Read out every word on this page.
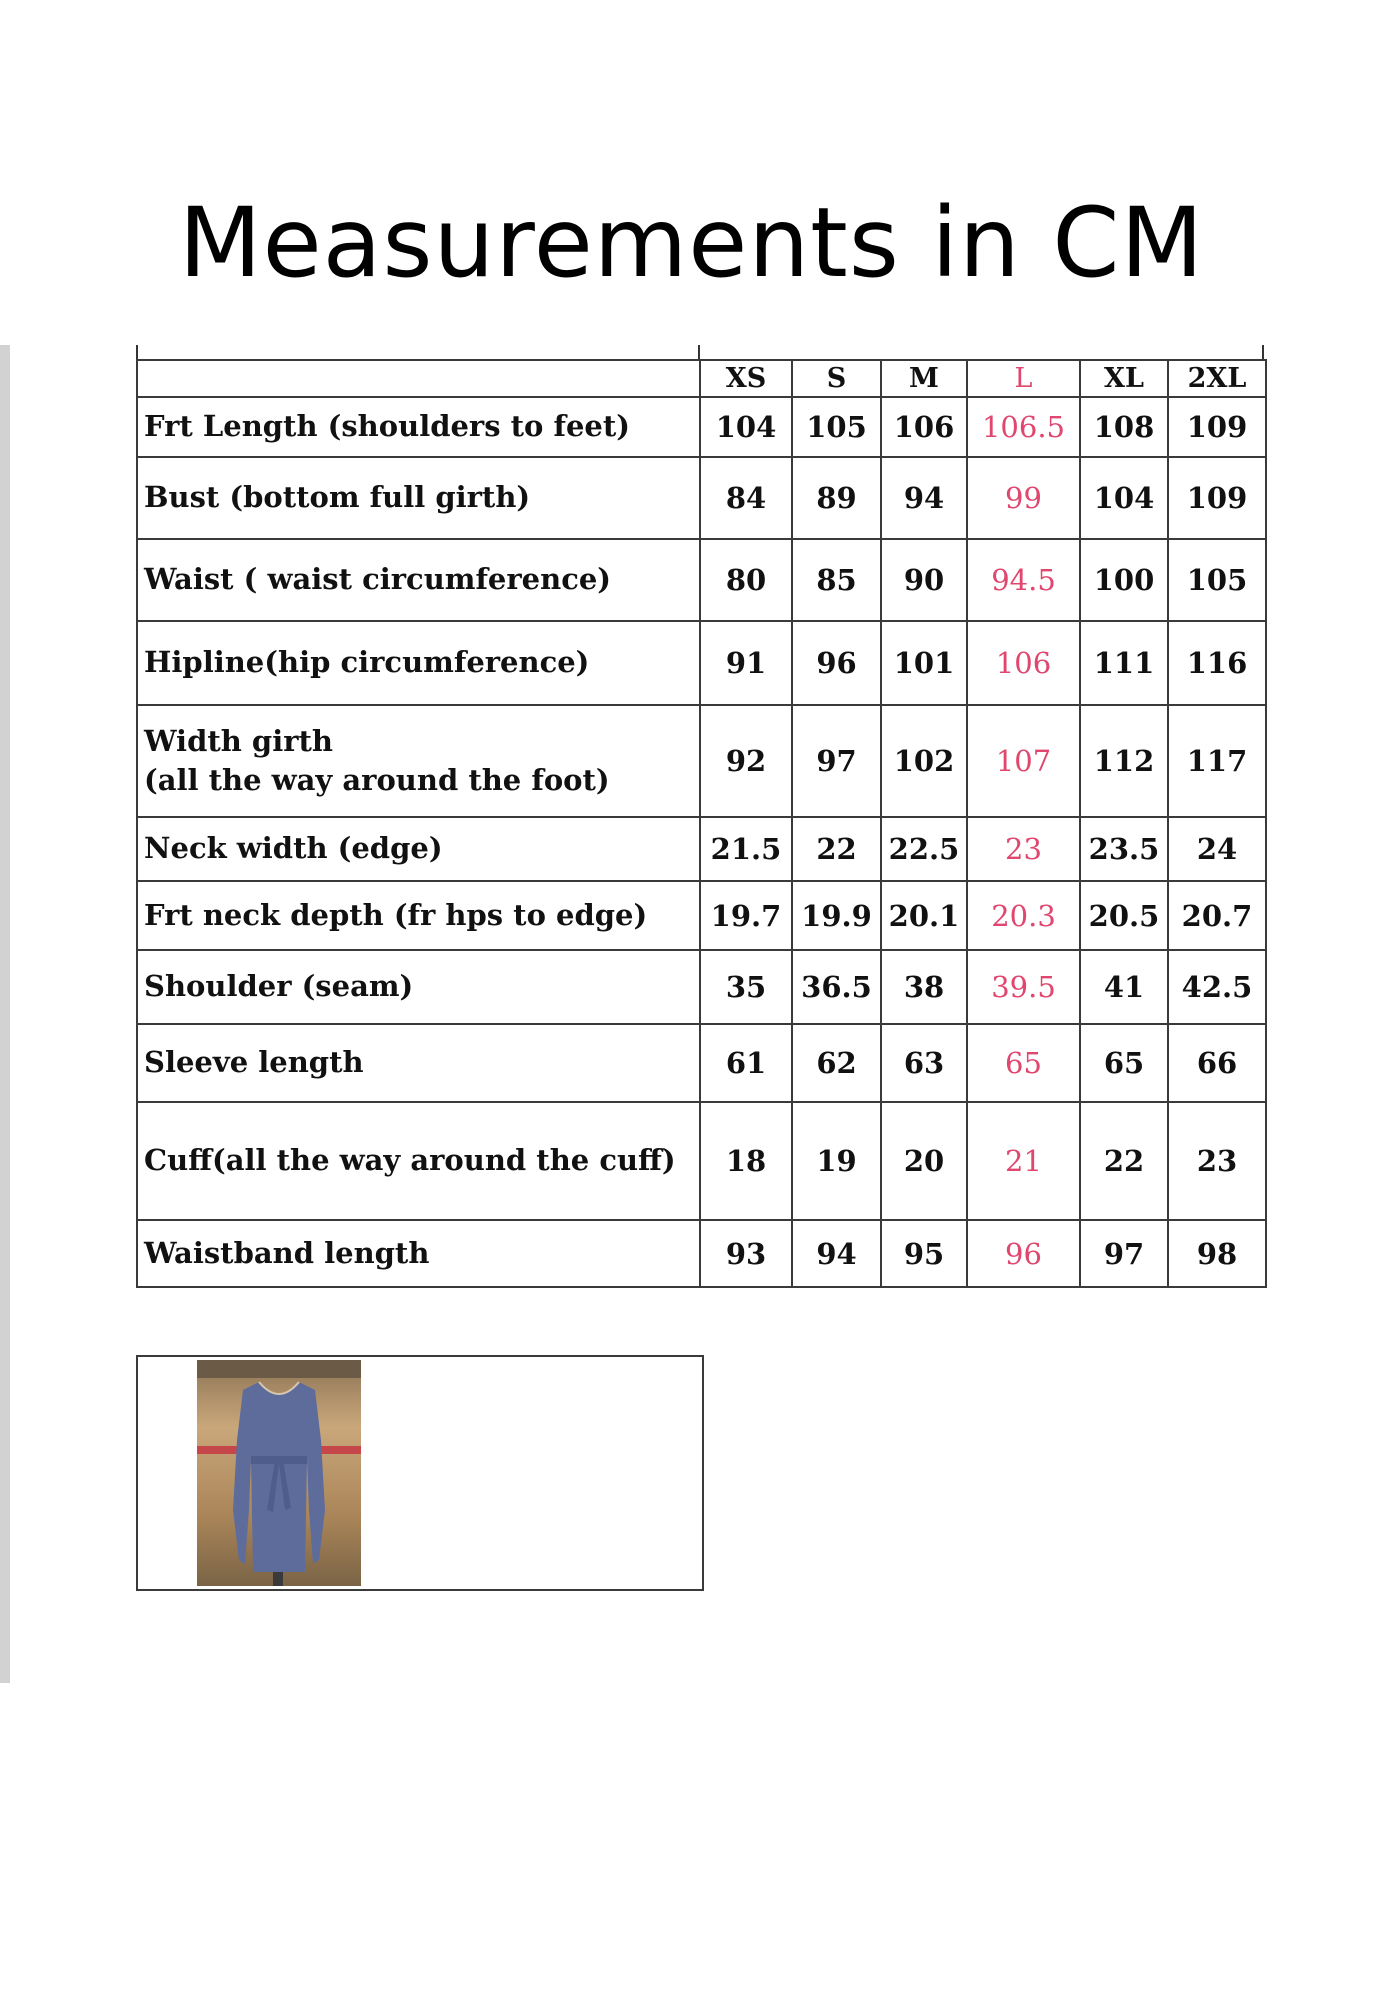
Measurements in CM
	XS	S	M	L	XL	2XL

Frt Length (shoulders to feet)	104	105	106	106.5	108	109

Bust (bottom full girth)	84	89	94	99	104	109

Waist ( waist circumference)	80	85	90	94.5	100	105

Hipline(hip circumference)	91	96	101	106	111	116

Width girth
(all the way around the foot)	92	97	102	107	112	117

Neck width (edge)	21.5	22	22.5	23	23.5	24

Frt neck depth (fr hps to edge)	19.7	19.9	20.1	20.3	20.5	20.7

Shoulder (seam)	35	36.5	38	39.5	41	42.5

Sleeve length	61	62	63	65	65	66

Cuff(all the way around the cuff)	18	19	20	21	22	23

Waistband length	93	94	95	96	97	98
